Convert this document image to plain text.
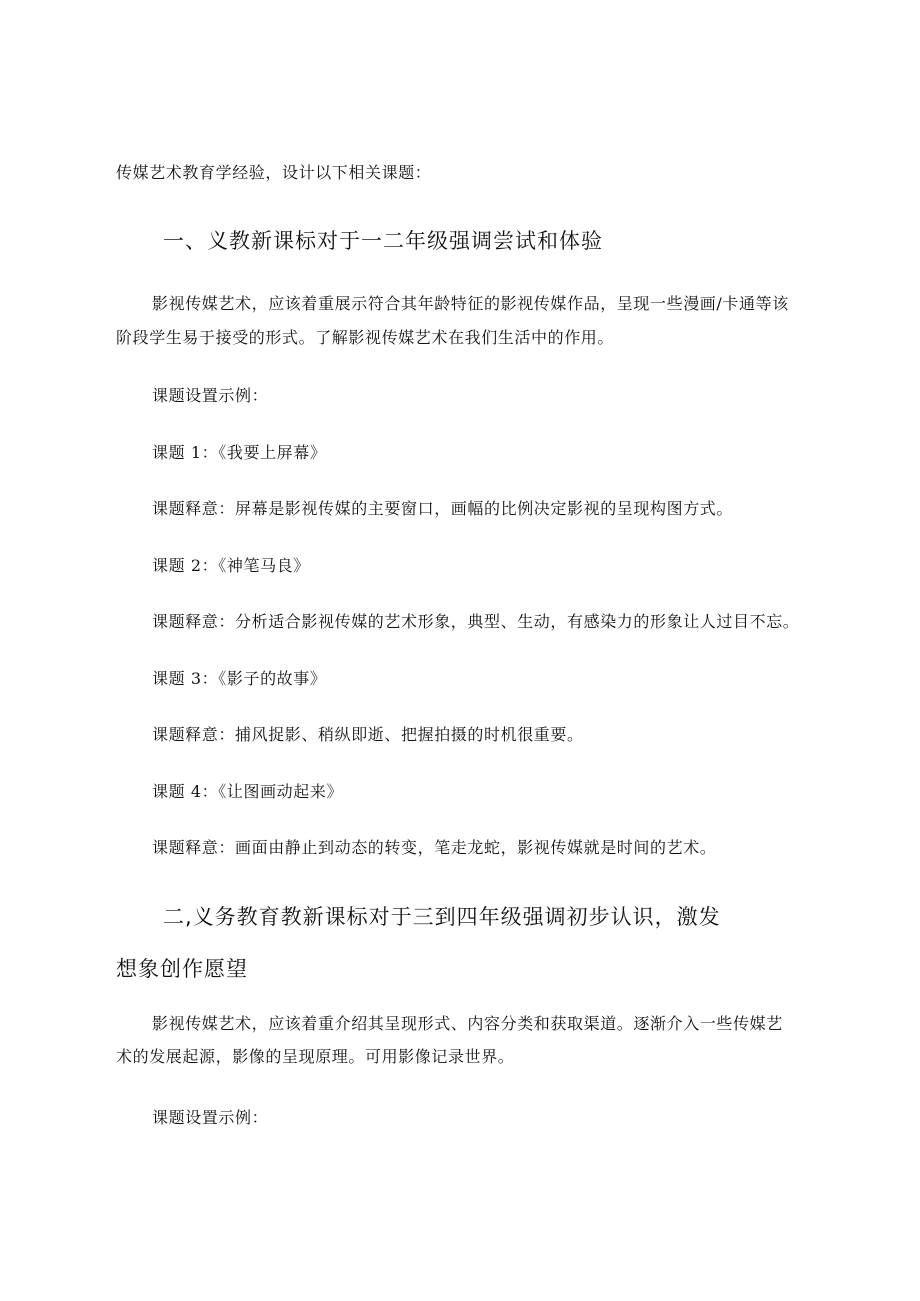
传媒艺术教育学经验，设计以下相关课题：
一、义教新课标对于一二年级强调尝试和体验
影视传媒艺术，应该着重展示符合其年龄特征的影视传媒作品，呈现一些漫画/卡通等该
阶段学生易于接受的形式。了解影视传媒艺术在我们生活中的作用。
课题设置示例：
课题 1：《我要上屏幕》
课题释意：屏幕是影视传媒的主要窗口，画幅的比例决定影视的呈现构图方式。
课题 2：《神笔马良》
课题释意：分析适合影视传媒的艺术形象，典型、生动，有感染力的形象让人过目不忘。
课题 3：《影子的故事》
课题释意：捕风捉影、稍纵即逝、把握拍摄的时机很重要。
课题 4：《让图画动起来》
课题释意：画面由静止到动态的转变，笔走龙蛇，影视传媒就是时间的艺术。
二,义务教育教新课标对于三到四年级强调初步认识，激发
想象创作愿望
影视传媒艺术，应该着重介绍其呈现形式、内容分类和获取渠道。逐渐介入一些传媒艺
术的发展起源，影像的呈现原理。可用影像记录世界。
课题设置示例：
